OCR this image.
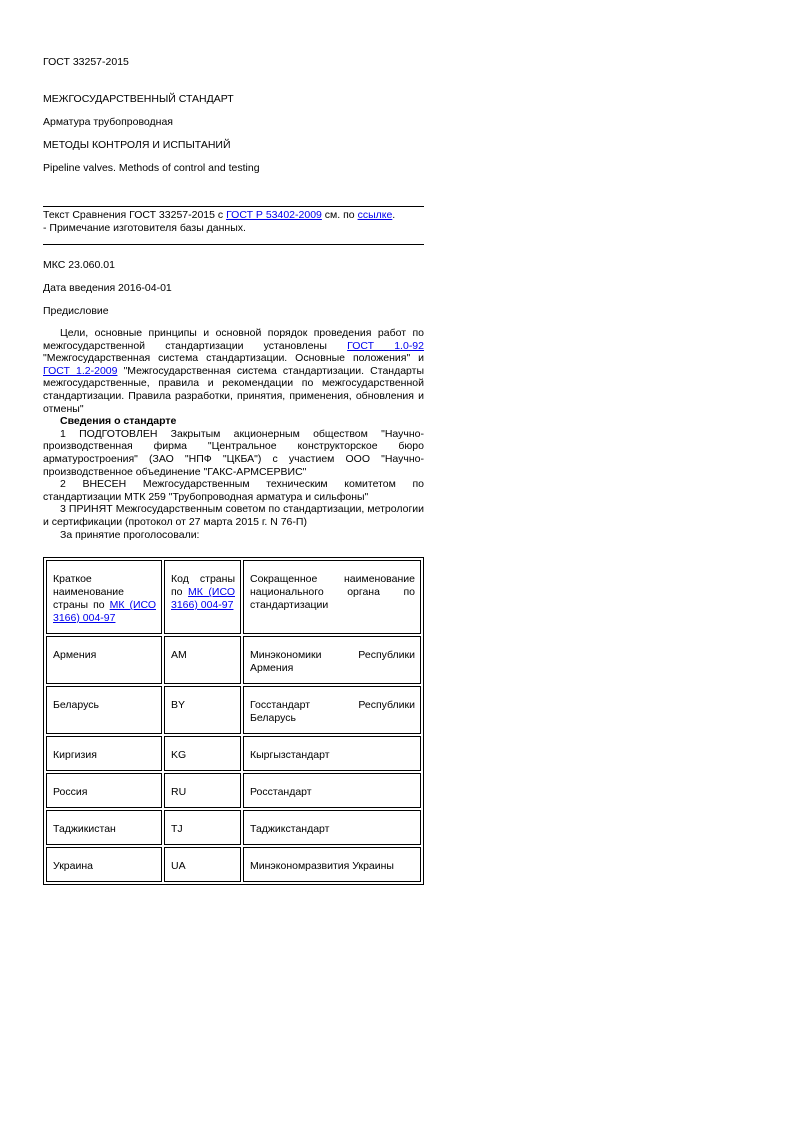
ГОСТ 33257-2015
МЕЖГОСУДАРСТВЕННЫЙ СТАНДАРТ
Арматура трубопроводная
МЕТОДЫ КОНТРОЛЯ И ИСПЫТАНИЙ
Pipeline valves. Methods of control and testing
Текст Сравнения ГОСТ 33257-2015 с ГОСТ Р 53402-2009 см. по ссылке.
- Примечание изготовителя базы данных.
МКС 23.060.01
Дата введения 2016-04-01
Предисловие
Цели, основные принципы и основной порядок проведения работ по межгосударственной стандартизации установлены ГОСТ 1.0-92 "Межгосударственная система стандартизации. Основные положения" и ГОСТ 1.2-2009 "Межгосударственная система стандартизации. Стандарты межгосударственные, правила и рекомендации по межгосударственной стандартизации. Правила разработки, принятия, применения, обновления и отмены"
Сведения о стандарте
1 ПОДГОТОВЛЕН Закрытым акционерным обществом "Научно-производственная фирма "Центральное конструкторское бюро арматуростроения" (ЗАО "НПФ "ЦКБА") с участием ООО "Научно-производственное объединение "ГАКС-АРМСЕРВИС"
2 ВНЕСЕН Межгосударственным техническим комитетом по стандартизации МТК 259 "Трубопроводная арматура и сильфоны"
3 ПРИНЯТ Межгосударственным советом по стандартизации, метрологии и сертификации (протокол от 27 марта 2015 г. N 76-П)
За принятие проголосовали:
Краткое наименование страны по МК (ИСО 3166) 004-97	Код страны по МК (ИСО 3166) 004-97	Сокращенное наименование национального органа по стандартизации
Армения	AM	Минэкономики Республики Армения
Беларусь	BY	Госстандарт Республики Беларусь
Киргизия	KG	Кыргызстандарт
Россия	RU	Росстандарт
Таджикистан	TJ	Таджикстандарт
Украина	UA	Минэкономразвития Украины
